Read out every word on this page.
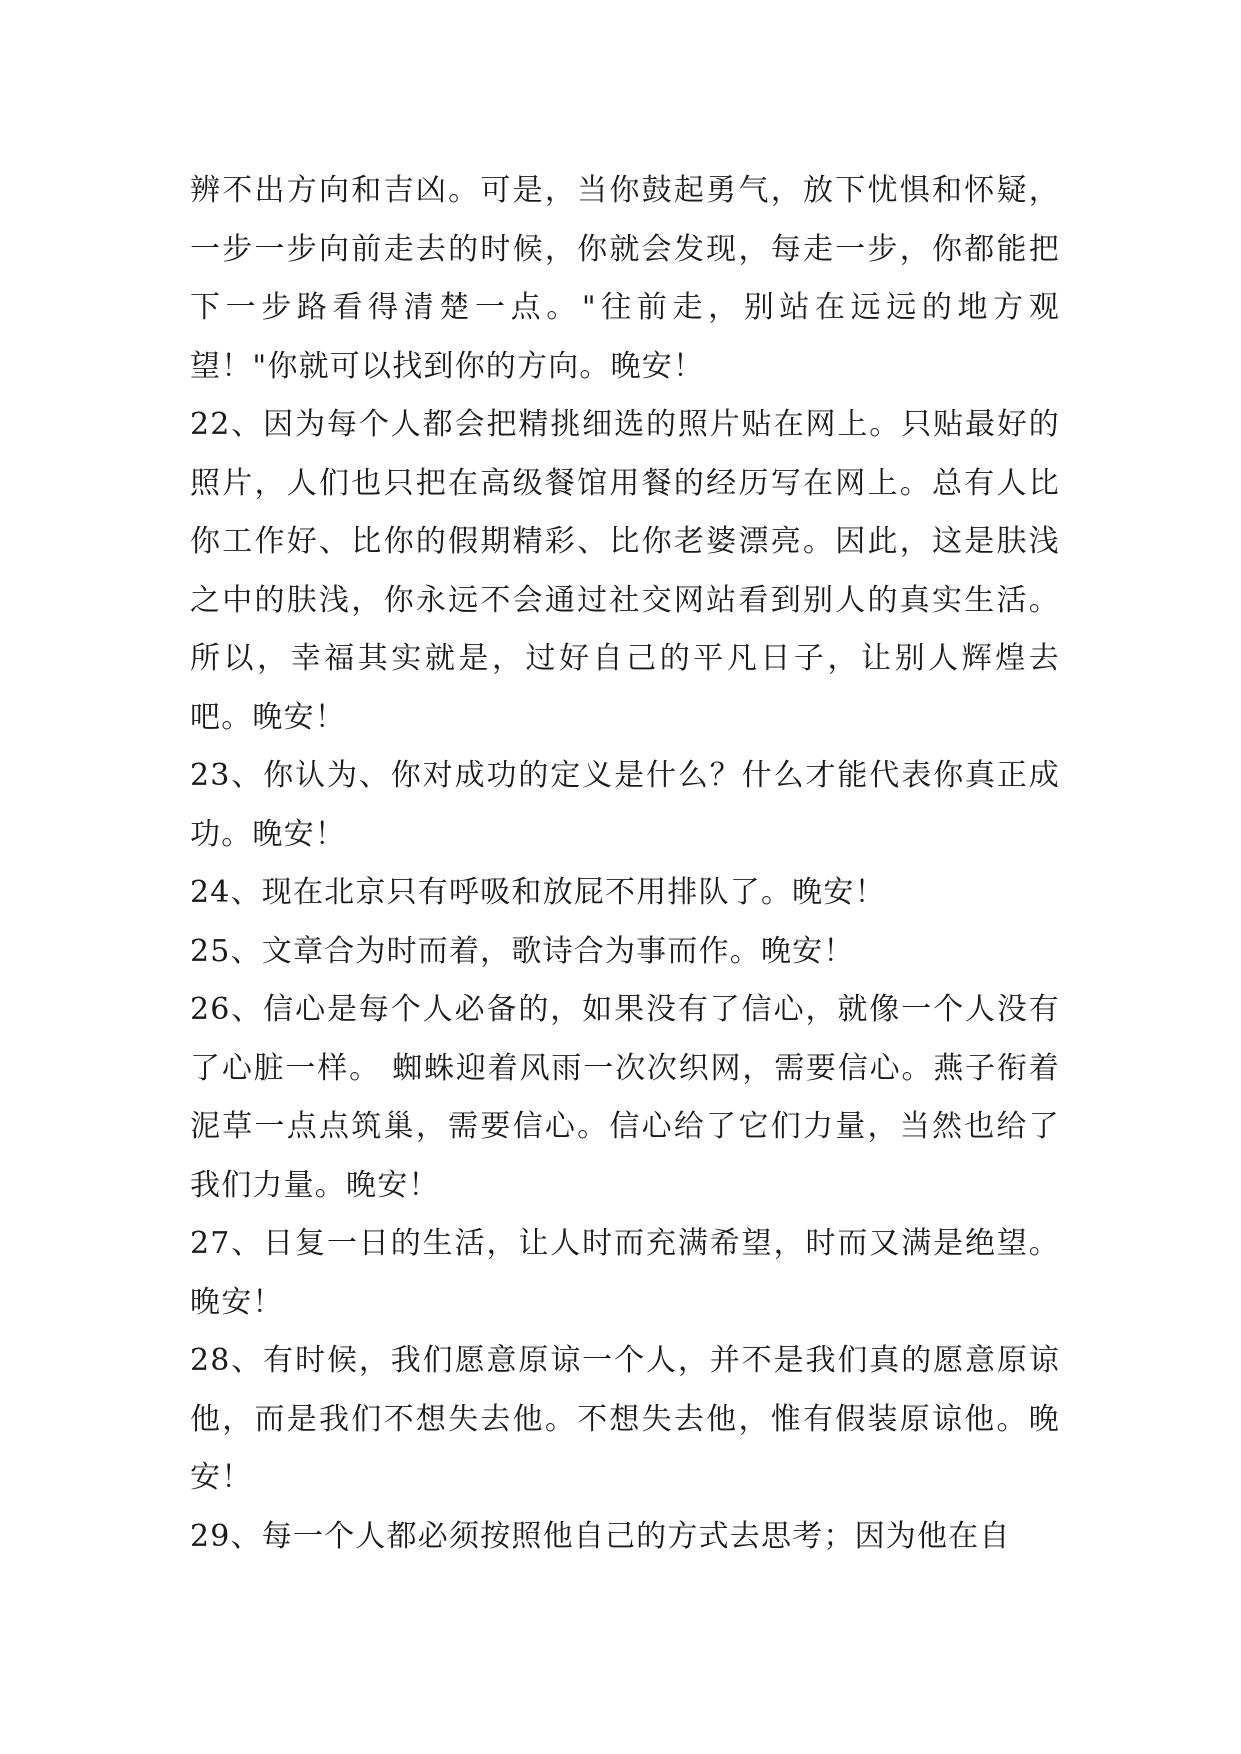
辨不出方向和吉凶。可是，当你鼓起勇气，放下忧惧和怀疑，一步一步向前走去的时候，你就会发现，每走一步，你都能把下一步路看得清楚一点。"往前走，别站在远远的地方观望！"你就可以找到你的方向。晚安！

22、因为每个人都会把精挑细选的照片贴在网上。只贴最好的照片，人们也只把在高级餐馆用餐的经历写在网上。总有人比你工作好、比你的假期精彩、比你老婆漂亮。因此，这是肤浅之中的肤浅，你永远不会通过社交网站看到别人的真实生活。所以，幸福其实就是，过好自己的平凡日子，让别人辉煌去吧。晚安！

23、你认为、你对成功的定义是什么？什么才能代表你真正成功。晚安！

24、现在北京只有呼吸和放屁不用排队了。晚安！

25、文章合为时而着，歌诗合为事而作。晚安！

26、信心是每个人必备的，如果没有了信心，就像一个人没有了心脏一样。 蜘蛛迎着风雨一次次织网，需要信心。燕子衔着泥草一点点筑巢，需要信心。信心给了它们力量，当然也给了我们力量。晚安！

27、日复一日的生活，让人时而充满希望，时而又满是绝望。晚安！

28、有时候，我们愿意原谅一个人，并不是我们真的愿意原谅他，而是我们不想失去他。不想失去他，惟有假装原谅他。晚安！

29、每一个人都必须按照他自己的方式去思考；因为他在自
